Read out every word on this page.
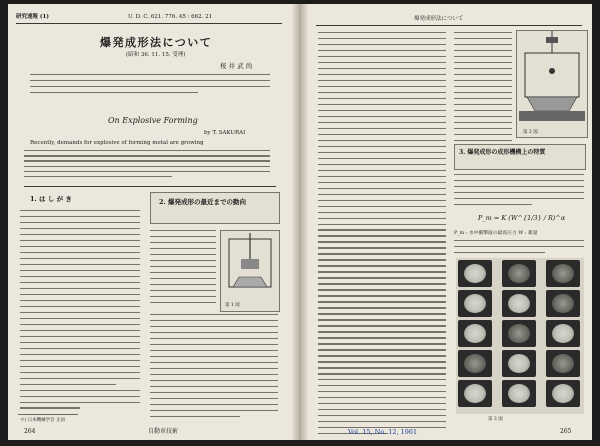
研究速報 (1)	U. D. C. 621. 776. 45 : 662. 21
爆発成形法について
(昭和 36. 11. 15. 受理)
桜 井 武 尚
On Explosive Forming
by T. SAKURAI
Recently, demands for explosive of forming metal are growing
1. は し が き	2. 爆発成形の最近までの動向
第 1 図
＊) 日本機械学会 正員
264	自動車技術
爆発成形法について
第 2 図
3. 爆発成形の成形機構上の特質
P_m = K (W^{1/3} / R)^α
P_m : 水中衝撃波の最高圧力 W : 薬量
第 3 図
Vol. 15, No. 12, 1961	265
